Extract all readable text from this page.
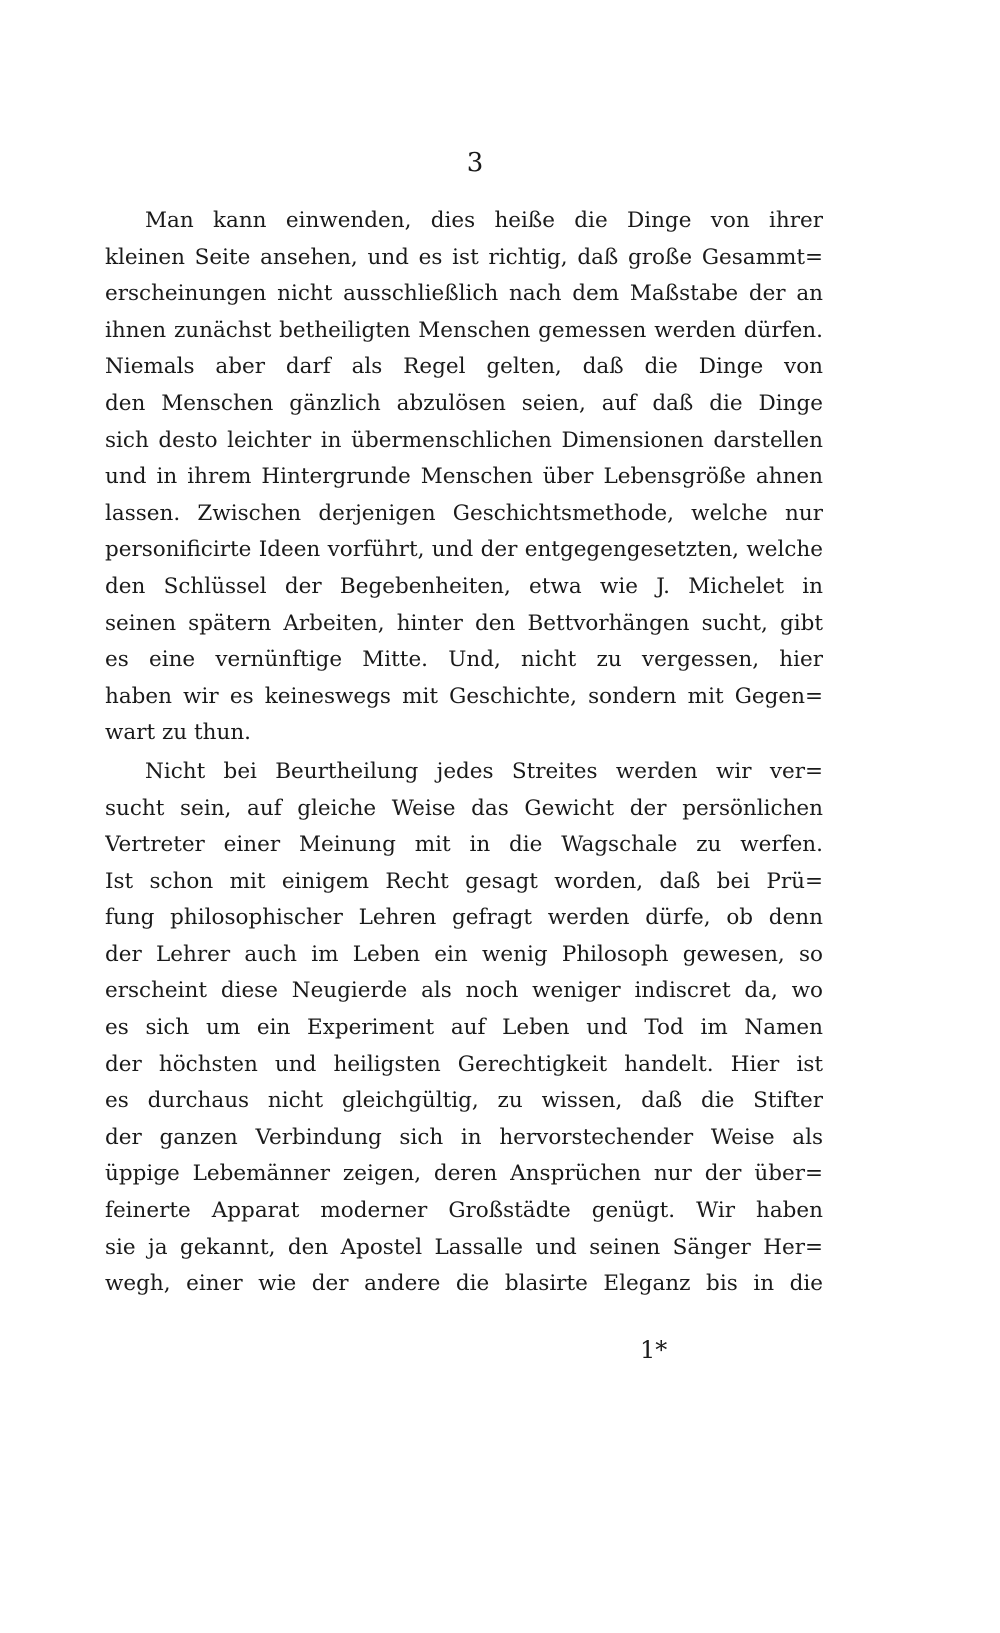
3

Man kann einwenden, dies heiße die Dinge von ihrer
kleinen Seite ansehen, und es ist richtig, daß große Gesammt=
erscheinungen nicht ausschließlich nach dem Maßstabe der an
ihnen zunächst betheiligten Menschen gemessen werden dürfen.
Niemals aber darf als Regel gelten, daß die Dinge von
den Menschen gänzlich abzulösen seien, auf daß die Dinge
sich desto leichter in übermenschlichen Dimensionen darstellen
und in ihrem Hintergrunde Menschen über Lebensgröße ahnen
lassen. Zwischen derjenigen Geschichtsmethode, welche nur
personificirte Ideen vorführt, und der entgegengesetzten, welche
den Schlüssel der Begebenheiten, etwa wie J. Michelet in
seinen spätern Arbeiten, hinter den Bettvorhängen sucht, gibt
es eine vernünftige Mitte. Und, nicht zu vergessen, hier
haben wir es keineswegs mit Geschichte, sondern mit Gegen=
wart zu thun.

Nicht bei Beurtheilung jedes Streites werden wir ver=
sucht sein, auf gleiche Weise das Gewicht der persönlichen
Vertreter einer Meinung mit in die Wagschale zu werfen.
Ist schon mit einigem Recht gesagt worden, daß bei Prü=
fung philosophischer Lehren gefragt werden dürfe, ob denn
der Lehrer auch im Leben ein wenig Philosoph gewesen, so
erscheint diese Neugierde als noch weniger indiscret da, wo
es sich um ein Experiment auf Leben und Tod im Namen
der höchsten und heiligsten Gerechtigkeit handelt. Hier ist
es durchaus nicht gleichgültig, zu wissen, daß die Stifter
der ganzen Verbindung sich in hervorstechender Weise als
üppige Lebemänner zeigen, deren Ansprüchen nur der über=
feinerte Apparat moderner Großstädte genügt. Wir haben
sie ja gekannt, den Apostel Lassalle und seinen Sänger Her=
wegh, einer wie der andere die blasirte Eleganz bis in die

1*
